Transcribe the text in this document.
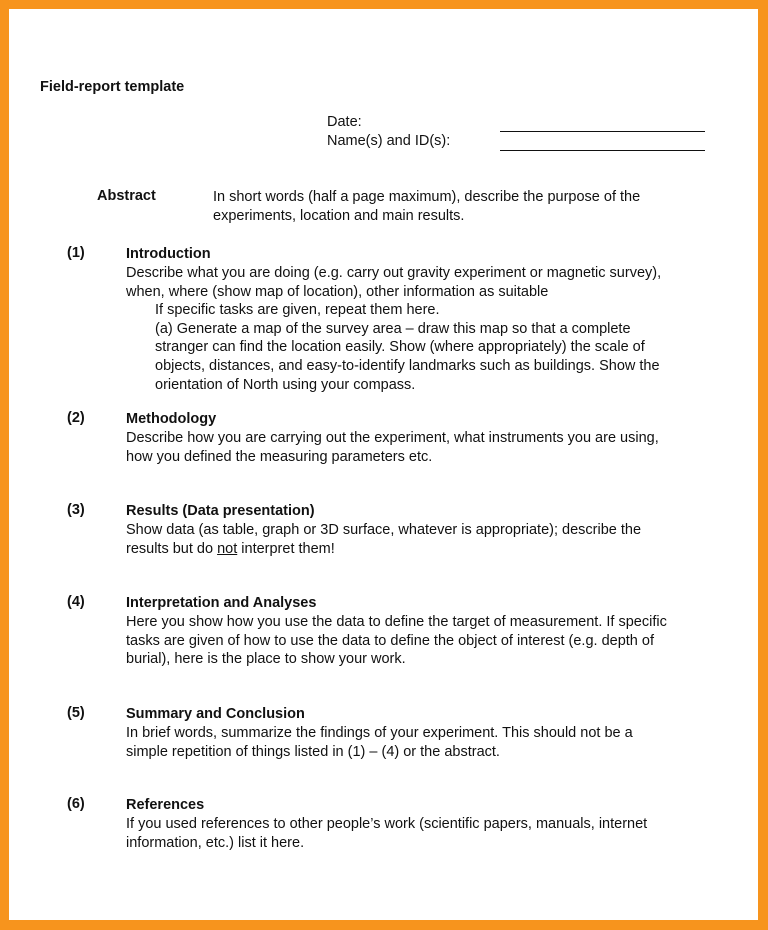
Field-report template
Date:
Name(s) and ID(s):
Abstract	In short words (half a page maximum), describe the purpose of the
experiments, location and main results.
(1)	Introduction
Describe what you are doing (e.g. carry out gravity experiment or magnetic survey),
when, where (show map of location), other information as suitable
If specific tasks are given, repeat them here.
(a) Generate a map of the survey area – draw this map so that a complete
stranger can find the location easily. Show (where appropriately) the scale of
objects, distances, and easy-to-identify landmarks such as buildings. Show the
orientation of North using your compass.
(2)	Methodology
Describe how you are carrying out the experiment, what instruments you are using,
how you defined the measuring parameters etc.
(3)	Results (Data presentation)
Show data (as table, graph or 3D surface, whatever is appropriate); describe the
results but do not interpret them!
(4)	Interpretation and Analyses
Here you show how you use the data to define the target of measurement. If specific
tasks are given of how to use the data to define the object of interest (e.g. depth of
burial), here is the place to show your work.
(5)	Summary and Conclusion
In brief words, summarize the findings of your experiment. This should not be a
simple repetition of things listed in (1) – (4) or the abstract.
(6)	References
If you used references to other people’s work (scientific papers, manuals, internet
information, etc.) list it here.
